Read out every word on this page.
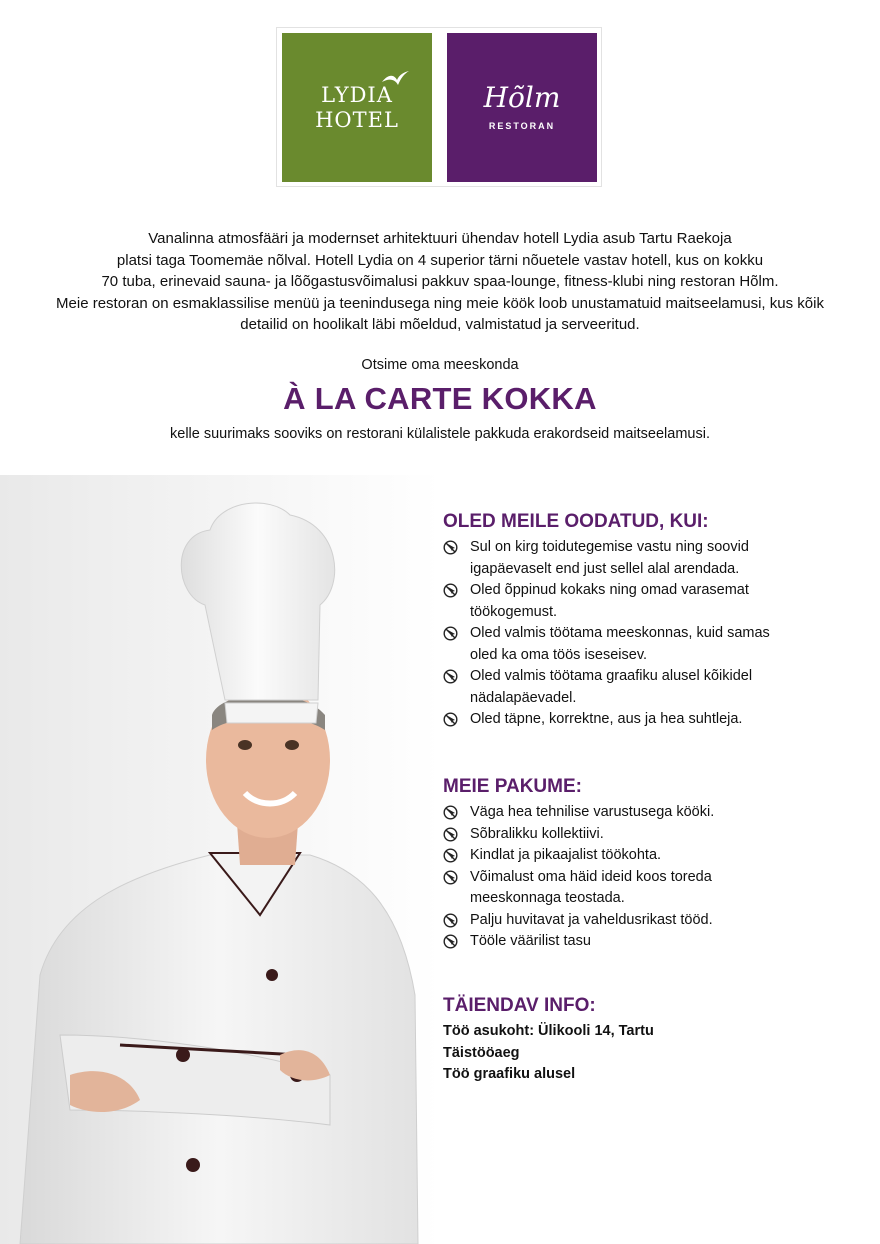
LYDIA
HOTEL
Hõlm
RESTORAN

Vanalinna atmosfääri ja modernset arhitektuuri ühendav hotell Lydia asub Tartu Raekoja
platsi taga Toomemäe nõlval. Hotell Lydia on 4 superior tärni nõuetele vastav hotell, kus on kokku
70 tuba, erinevaid sauna- ja lõõgastusvõimalusi pakkuv spaa-lounge, fitness-klubi ning restoran Hõlm.
Meie restoran on esmaklassilise menüü ja teenindusega ning meie köök loob unustamatuid maitseelamusi, kus kõik
detailid on hoolikalt läbi mõeldud, valmistatud ja serveeritud.

Otsime oma meeskonda

À LA CARTE KOKKA

kelle suurimaks sooviks on restorani külalistele pakkuda erakordseid maitseelamusi.

OLED MEILE OODATUD, KUI:
Sul on kirg toidutegemise vastu ning soovid
igapäevaselt end just sellel alal arendada.
Oled õppinud kokaks ning omad varasemat
töökogemust.
Oled valmis töötama meeskonnas, kuid samas
oled ka oma töös iseseisev.
Oled valmis töötama graafiku alusel kõikidel
nädalapäevadel.
Oled täpne, korrektne, aus ja hea suhtleja.
MEIE PAKUME:
Väga hea tehnilise varustusega kööki.
Sõbralikku kollektiivi.
Kindlat ja pikaajalist töökohta.
Võimalust oma häid ideid koos toreda
meeskonnaga teostada.
Palju huvitavat ja vaheldusrikast tööd.
Tööle väärilist tasu
TÄIENDAV INFO:

Töö asukoht: Ülikooli 14, Tartu

Täistööaeg

Töö graafiku alusel
